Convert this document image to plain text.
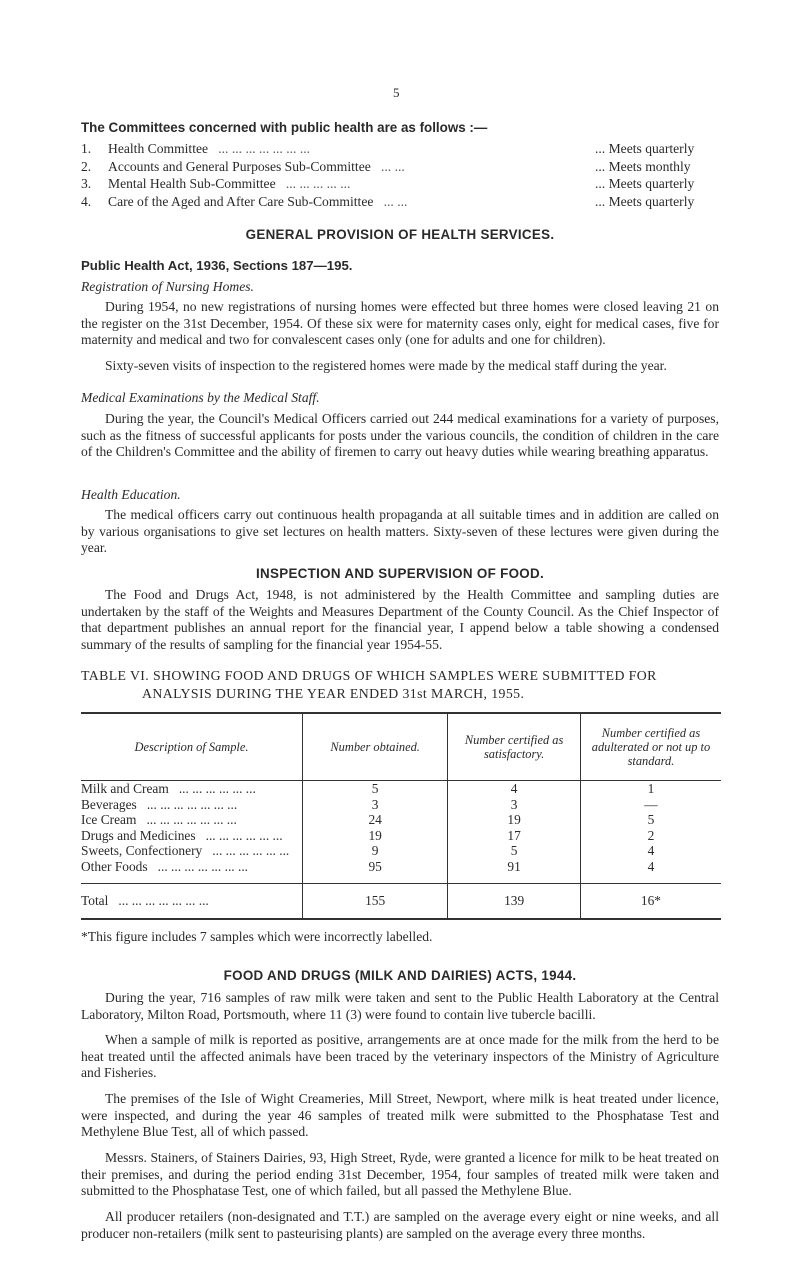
5
The Committees concerned with public health are as follows :—
1.	Health Committee ... ... ... ... ... ... ...	... Meets quarterly
2.	Accounts and General Purposes Sub-Committee ... ...	... Meets monthly
3.	Mental Health Sub-Committee ... ... ... ... ...	... Meets quarterly
4.	Care of the Aged and After Care Sub-Committee ... ...	... Meets quarterly
GENERAL PROVISION OF HEALTH SERVICES.
Public Health Act, 1936, Sections 187—195.
Registration of Nursing Homes.
During 1954, no new registrations of nursing homes were effected but three homes were closed leaving 21 on the register on the 31st December, 1954. Of these six were for maternity cases only, eight for medical cases, five for maternity and medical and two for convalescent cases only (one for adults and one for children).
Sixty-seven visits of inspection to the registered homes were made by the medical staff during the year.
Medical Examinations by the Medical Staff.
During the year, the Council's Medical Officers carried out 244 medical examinations for a variety of purposes, such as the fitness of successful applicants for posts under the various councils, the condition of children in the care of the Children's Committee and the ability of firemen to carry out heavy duties while wearing breathing apparatus.
Health Education.
The medical officers carry out continuous health propaganda at all suitable times and in addition are called on by various organisations to give set lectures on health matters. Sixty-seven of these lectures were given during the year.
INSPECTION AND SUPERVISION OF FOOD.
The Food and Drugs Act, 1948, is not administered by the Health Committee and sampling duties are undertaken by the staff of the Weights and Measures Department of the County Council. As the Chief Inspector of that department publishes an annual report for the financial year, I append below a table showing a condensed summary of the results of sampling for the financial year 1954-55.
TABLE VI. SHOWING FOOD AND DRUGS OF WHICH SAMPLES WERE SUBMITTED FOR
ANALYSIS DURING THE YEAR ENDED 31st MARCH, 1955.
Description of Sample.	Number obtained.	Number certified as satisfactory.	Number certified as adulterated or not up to standard.
Milk and Cream ... ... ... ... ... ...	5	4	1
Beverages ... ... ... ... ... ... ...	3	3	—
Ice Cream ... ... ... ... ... ... ...	24	19	5
Drugs and Medicines ... ... ... ... ... ...	19	17	2
Sweets, Confectionery ... ... ... ... ... ...	9	5	4
Other Foods ... ... ... ... ... ... ...	95	91	4
Total ... ... ... ... ... ... ...	155	139	16*
*This figure includes 7 samples which were incorrectly labelled.
FOOD AND DRUGS (MILK AND DAIRIES) ACTS, 1944.
During the year, 716 samples of raw milk were taken and sent to the Public Health Laboratory at the Central Laboratory, Milton Road, Portsmouth, where 11 (3) were found to contain live tubercle bacilli.
When a sample of milk is reported as positive, arrangements are at once made for the milk from the herd to be heat treated until the affected animals have been traced by the veterinary inspectors of the Ministry of Agriculture and Fisheries.
The premises of the Isle of Wight Creameries, Mill Street, Newport, where milk is heat treated under licence, were inspected, and during the year 46 samples of treated milk were submitted to the Phosphatase Test and Methylene Blue Test, all of which passed.
Messrs. Stainers, of Stainers Dairies, 93, High Street, Ryde, were granted a licence for milk to be heat treated on their premises, and during the period ending 31st December, 1954, four samples of treated milk were taken and submitted to the Phosphatase Test, one of which failed, but all passed the Methylene Blue.
All producer retailers (non-designated and T.T.) are sampled on the average every eight or nine weeks, and all producer non-retailers (milk sent to pasteurising plants) are sampled on the average every three months.
